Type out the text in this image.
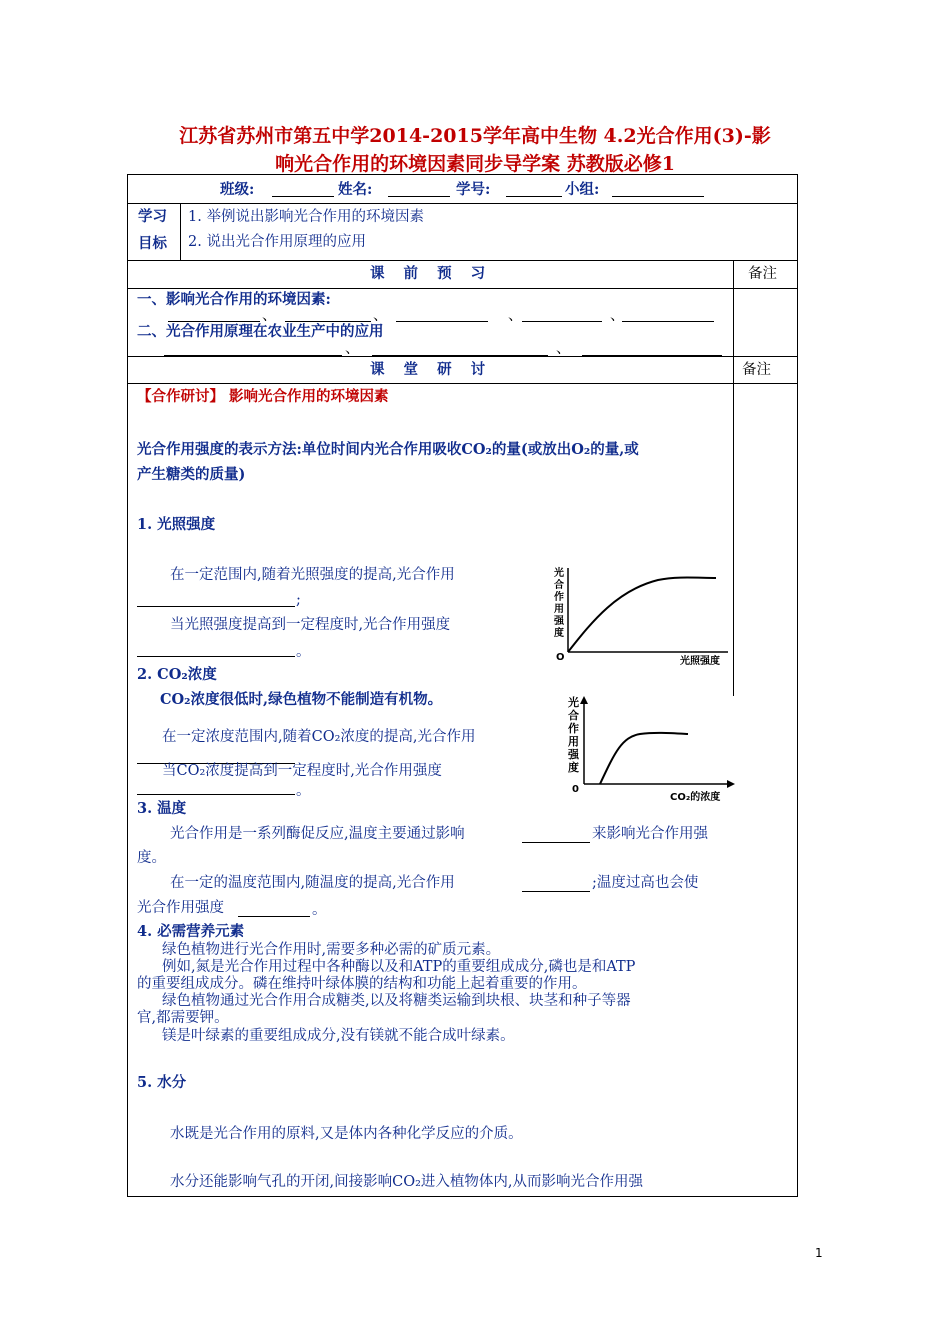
江苏省苏州市第五中学2014-2015学年高中生物 4.2光合作用(3)-影
响光合作用的环境因素同步导学案 苏教版必修1
班级:	姓名:	学号:	小组:
学习
目标
1. 举例说出影响光合作用的环境因素
2. 说出光合作用原理的应用
课 前 预 习	备注
一、影响光合作用的环境因素:
、	、	、	、
二、光合作用原理在农业生产中的应用
、	、
课 堂 研 讨	备注
【合作研讨】 影响光合作用的环境因素
光合作用强度的表示方法:单位时间内光合作用吸收CO₂的量(或放出O₂的量,或
产生糖类的质量)
1. 光照强度
在一定范围内,随着光照强度的提高,光合作用
;
当光照强度提高到一定程度时,光合作用强度
。
光
合
作
用
强
度
O	光照强度
2. CO₂浓度
CO₂浓度很低时,绿色植物不能制造有机物。
在一定浓度范围内,随着CO₂浓度的提高,光合作用
当CO₂浓度提高到一定程度时,光合作用强度
。
光
合
作
用
强
度
0
CO₂的浓度
3. 温度
光合作用是一系列酶促反应,温度主要通过影响	来影响光合作用强
度。
在一定的温度范围内,随温度的提高,光合作用	;温度过高也会使
光合作用强度	。
4. 必需营养元素
绿色植物进行光合作用时,需要多种必需的矿质元素。
例如,氮是光合作用过程中各种酶以及和ATP的重要组成成分,磷也是和ATP
的重要组成成分。磷在维持叶绿体膜的结构和功能上起着重要的作用。
绿色植物通过光合作用合成糖类,以及将糖类运输到块根、块茎和种子等器
官,都需要钾。
镁是叶绿素的重要组成成分,没有镁就不能合成叶绿素。
5. 水分
水既是光合作用的原料,又是体内各种化学反应的介质。
水分还能影响气孔的开闭,间接影响CO₂进入植物体内,从而影响光合作用强
1
